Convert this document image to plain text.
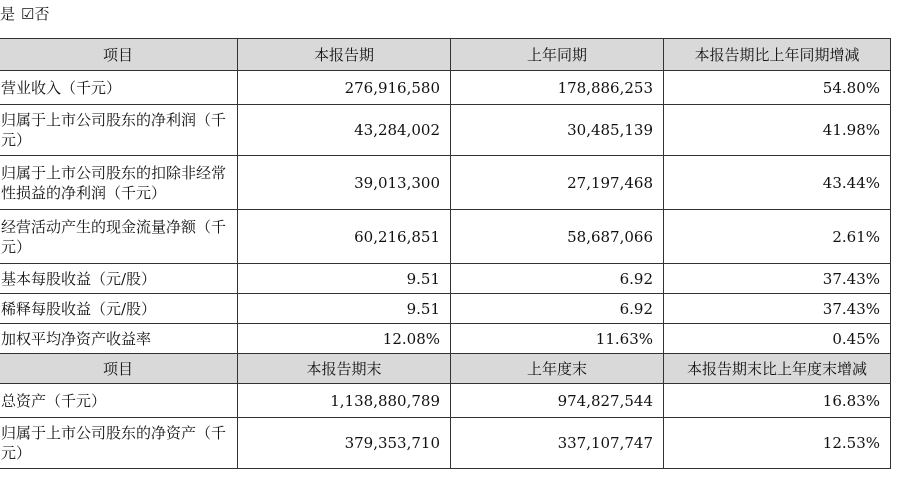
是 ☑否
项目	本报告期	上年同期	本报告期比上年同期增减
营业收入（千元）	276,916,580	178,886,253	54.80%
归属于上市公司股东的净利润（千元）	43,284,002	30,485,139	41.98%
归属于上市公司股东的扣除非经常性损益的净利润（千元）	39,013,300	27,197,468	43.44%
经营活动产生的现金流量净额（千元）	60,216,851	58,687,066	2.61%
基本每股收益（元/股）	9.51	6.92	37.43%
稀释每股收益（元/股）	9.51	6.92	37.43%
加权平均净资产收益率	12.08%	11.63%	0.45%
项目	本报告期末	上年度末	本报告期末比上年度末增减
总资产（千元）	1,138,880,789	974,827,544	16.83%
归属于上市公司股东的净资产（千元）	379,353,710	337,107,747	12.53%
